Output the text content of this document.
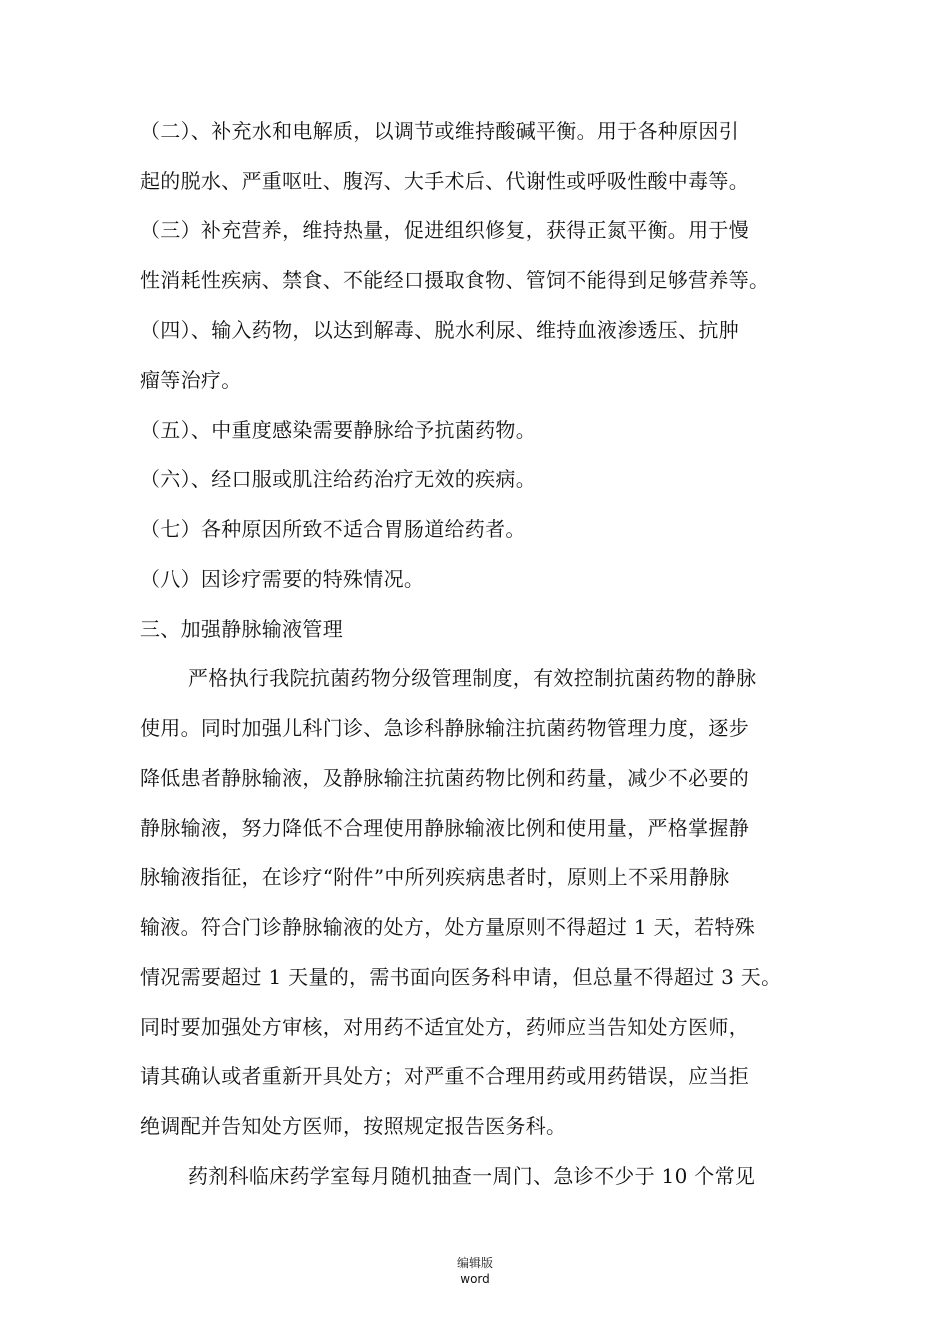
（二）、补充水和电解质，以调节或维持酸碱平衡。用于各种原因引
起的脱水、严重呕吐、腹泻、大手术后、代谢性或呼吸性酸中毒等。
（三）补充营养，维持热量，促进组织修复，获得正氮平衡。用于慢
性消耗性疾病、禁食、不能经口摄取食物、管饲不能得到足够营养等。
（四）、输入药物，以达到解毒、脱水利尿、维持血液渗透压、抗肿
瘤等治疗。
（五）、中重度感染需要静脉给予抗菌药物。
（六）、经口服或肌注给药治疗无效的疾病。
（七）各种原因所致不适合胃肠道给药者。
（八）因诊疗需要的特殊情况。
三、加强静脉输液管理
严格执行我院抗菌药物分级管理制度，有效控制抗菌药物的静脉
使用。同时加强儿科门诊、急诊科静脉输注抗菌药物管理力度，逐步
降低患者静脉输液，及静脉输注抗菌药物比例和药量，减少不必要的
静脉输液，努力降低不合理使用静脉输液比例和使用量，严格掌握静
脉输液指征，在诊疗“附件”中所列疾病患者时，原则上不采用静脉
输液。符合门诊静脉输液的处方，处方量原则不得超过 1 天，若特殊
情况需要超过 1 天量的，需书面向医务科申请，但总量不得超过 3 天。
同时要加强处方审核，对用药不适宜处方，药师应当告知处方医师，
请其确认或者重新开具处方；对严重不合理用药或用药错误，应当拒
绝调配并告知处方医师，按照规定报告医务科。
药剂科临床药学室每月随机抽查一周门、急诊不少于 10 个常见
编辑版
word
